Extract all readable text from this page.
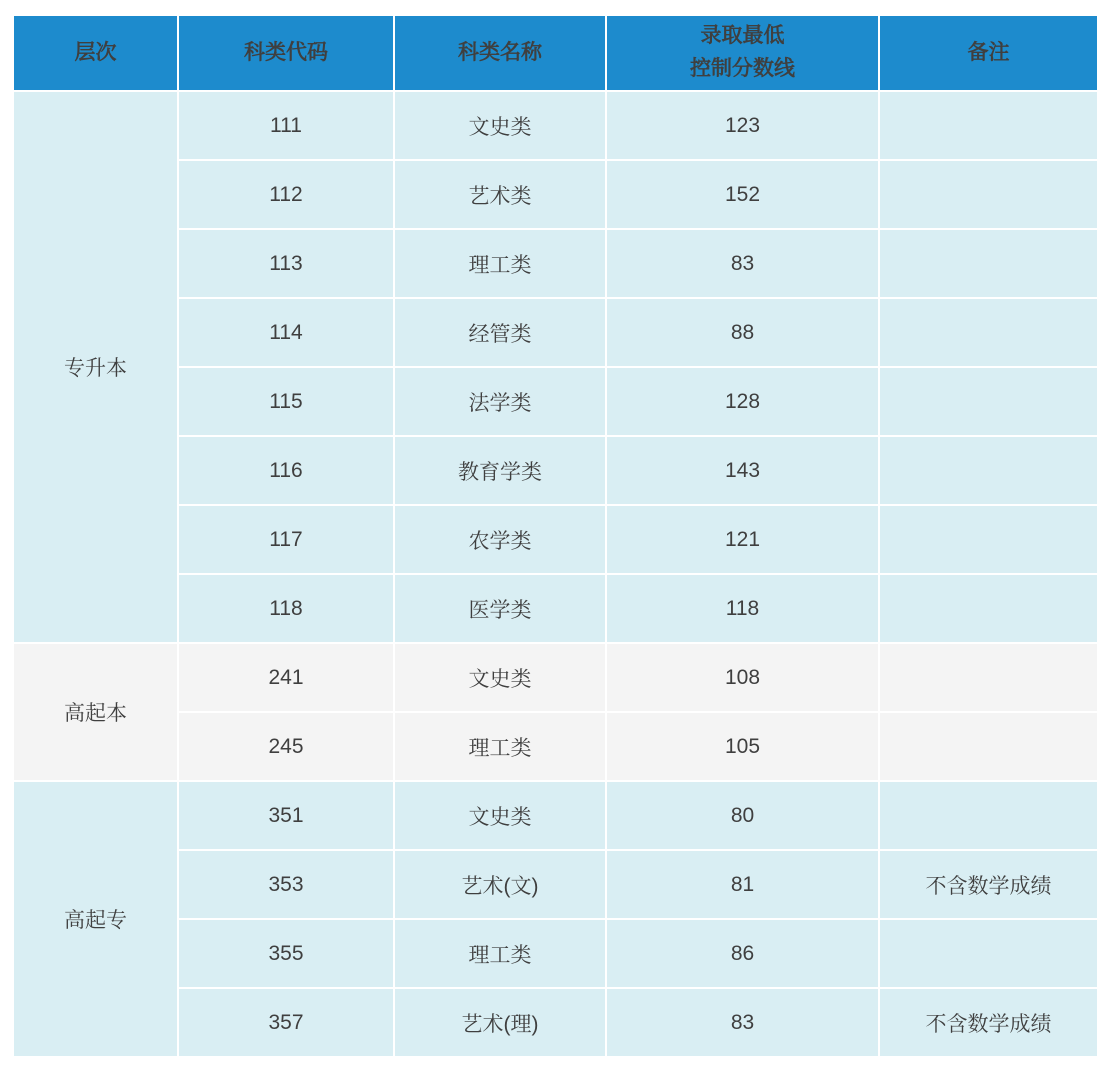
层次	科类代码	科类名称	录取最低
控制分数线	备注
专升本	111	文史类	123	
	112	艺术类	152	
	113	理工类	83	
	114	经管类	88	
	115	法学类	128	
	116	教育学类	143	
	117	农学类	121	
	118	医学类	118	
高起本	241	文史类	108	
	245	理工类	105	
高起专	351	文史类	80	
	353	艺术(文)	81	不含数学成绩
	355	理工类	86	
	357	艺术(理)	83	不含数学成绩
